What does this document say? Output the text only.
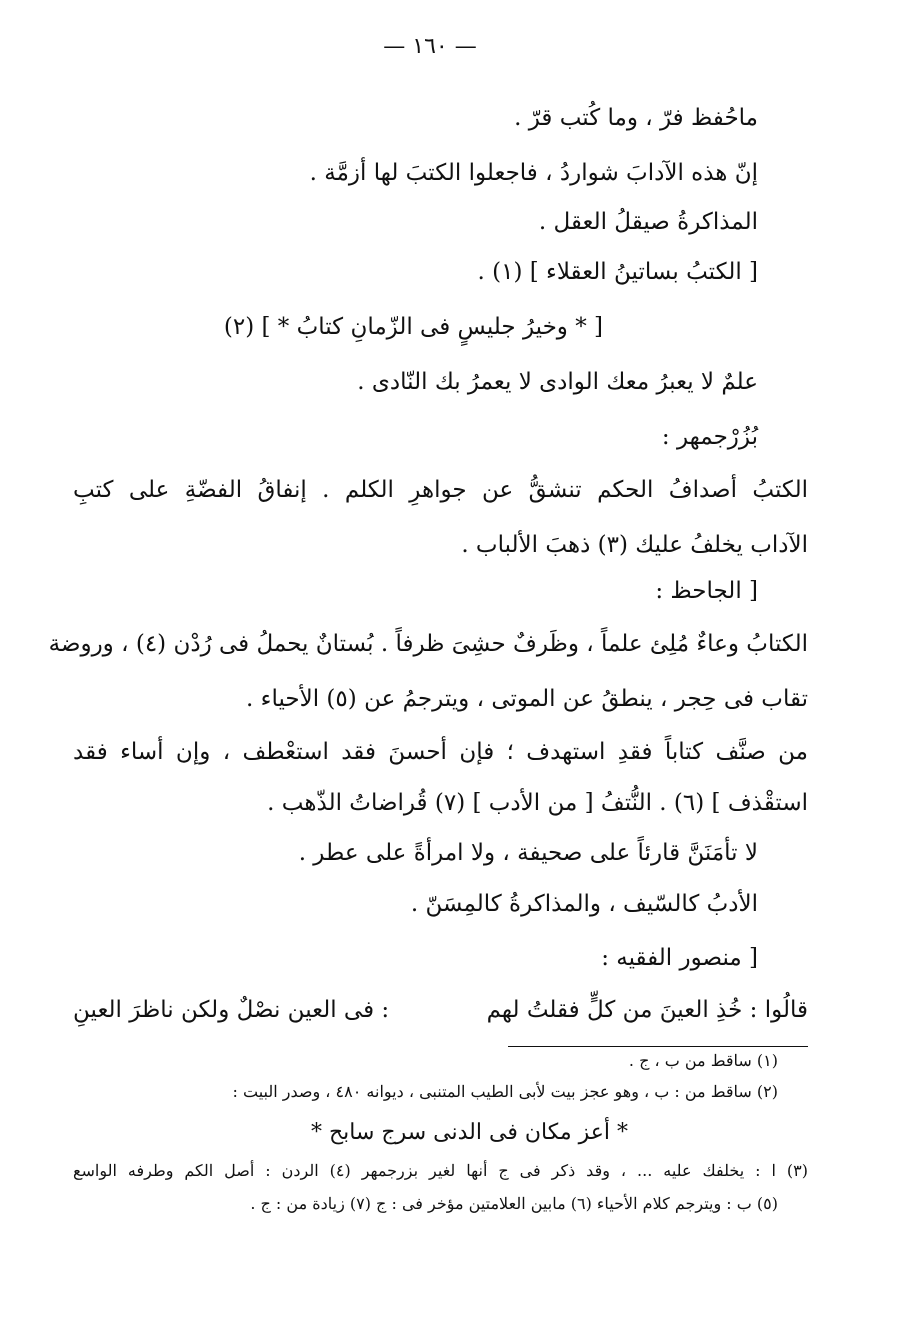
— ١٦٠ —
ماحُفظ فرّ ، وما كُتب قرّ .
إنّ هذه الآدابَ شواردُ ، فاجعلوا الكتبَ لها أزمَّة .
المذاكرةُ صيقلُ العقل .
[ الكتبُ بساتينُ العقلاء ] (١) .
[ * وخيرُ جليسٍ فى الزّمانِ كتابُ * ] (٢)
علمٌ لا يعبرُ معك الوادى لا يعمرُ بك النّادى .
بُزُرْجمهر :
الكتبُ أصدافُ الحكم تنشقُّ عن جواهرِ الكلم . إنفاقُ الفضّةِ على كتبِ
الآداب يخلفُ عليك (٣) ذهبَ الألباب .
[ الجاحظ :
الكتابُ وعاءٌ مُلِئ علماً ، وظَرفٌ حشِىَ ظرفاً . بُستانٌ يحملُ فى رُدْن (٤) ، وروضة
تقاب فى حِجر ، ينطقُ عن الموتى ، ويترجمُ عن (٥) الأحياء .
من صنَّف كتاباً فقدِ استهدف ؛ فإن أحسنَ فقد استعْطف ، وإن أساء فقد
استقْذف ] (٦) . النُّتفُ [ من الأدب ] (٧) قُراضاتُ الذّهب .
لا تأمَنَنَّ قارئاً على صحيفة ، ولا امرأةً على عطر .
الأدبُ كالسّيف ، والمذاكرةُ كالمِسَنّ .
[ منصور الفقيه :
قالُوا : خُذِ العينَ من كلٍّ فقلتُ لهم
: فى العين نصْلٌ ولكن ناظرَ العينِ
(١) ساقط من ب ، ج .
(٢) ساقط من : ب ، وهو عجز بيت لأبى الطيب المتنبى ، ديوانه ٤٨٠ ، وصدر البيت :
* أعز مكان فى الدنى سرج سابح *
(٣) ا : يخلفك عليه ... ، وقد ذكر فى ج أنها لغير بزرجمهر (٤) الردن : أصل الكم وطرفه الواسع
(٥) ب : ويترجم كلام الأحياء (٦) مابين العلامتين مؤخر فى : ج (٧) زيادة من : ج .
